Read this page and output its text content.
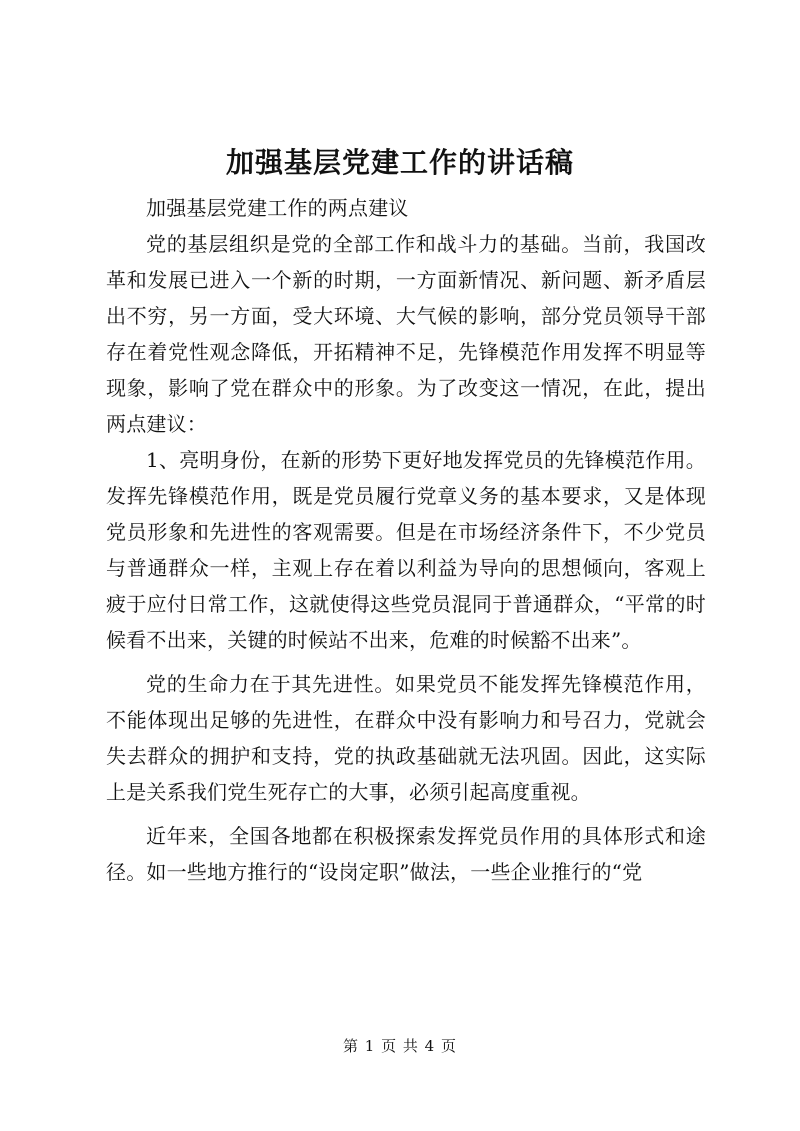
加强基层党建工作的讲话稿

加强基层党建工作的两点建议

党的基层组织是党的全部工作和战斗力的基础。当前，我国改革和发展已进入一个新的时期，一方面新情况、新问题、新矛盾层出不穷，另一方面，受大环境、大气候的影响，部分党员领导干部存在着党性观念降低，开拓精神不足，先锋模范作用发挥不明显等现象，影响了党在群众中的形象。为了改变这一情况，在此，提出两点建议：

1、亮明身份，在新的形势下更好地发挥党员的先锋模范作用。发挥先锋模范作用，既是党员履行党章义务的基本要求，又是体现党员形象和先进性的客观需要。但是在市场经济条件下，不少党员与普通群众一样，主观上存在着以利益为导向的思想倾向，客观上疲于应付日常工作，这就使得这些党员混同于普通群众，“平常的时候看不出来，关键的时候站不出来，危难的时候豁不出来”。

党的生命力在于其先进性。如果党员不能发挥先锋模范作用，不能体现出足够的先进性，在群众中没有影响力和号召力，党就会失去群众的拥护和支持，党的执政基础就无法巩固。因此，这实际上是关系我们党生死存亡的大事，必须引起高度重视。

近年来，全国各地都在积极探索发挥党员作用的具体形式和途径。如一些地方推行的“设岗定职”做法，一些企业推行的“党

第 1 页 共 4 页
